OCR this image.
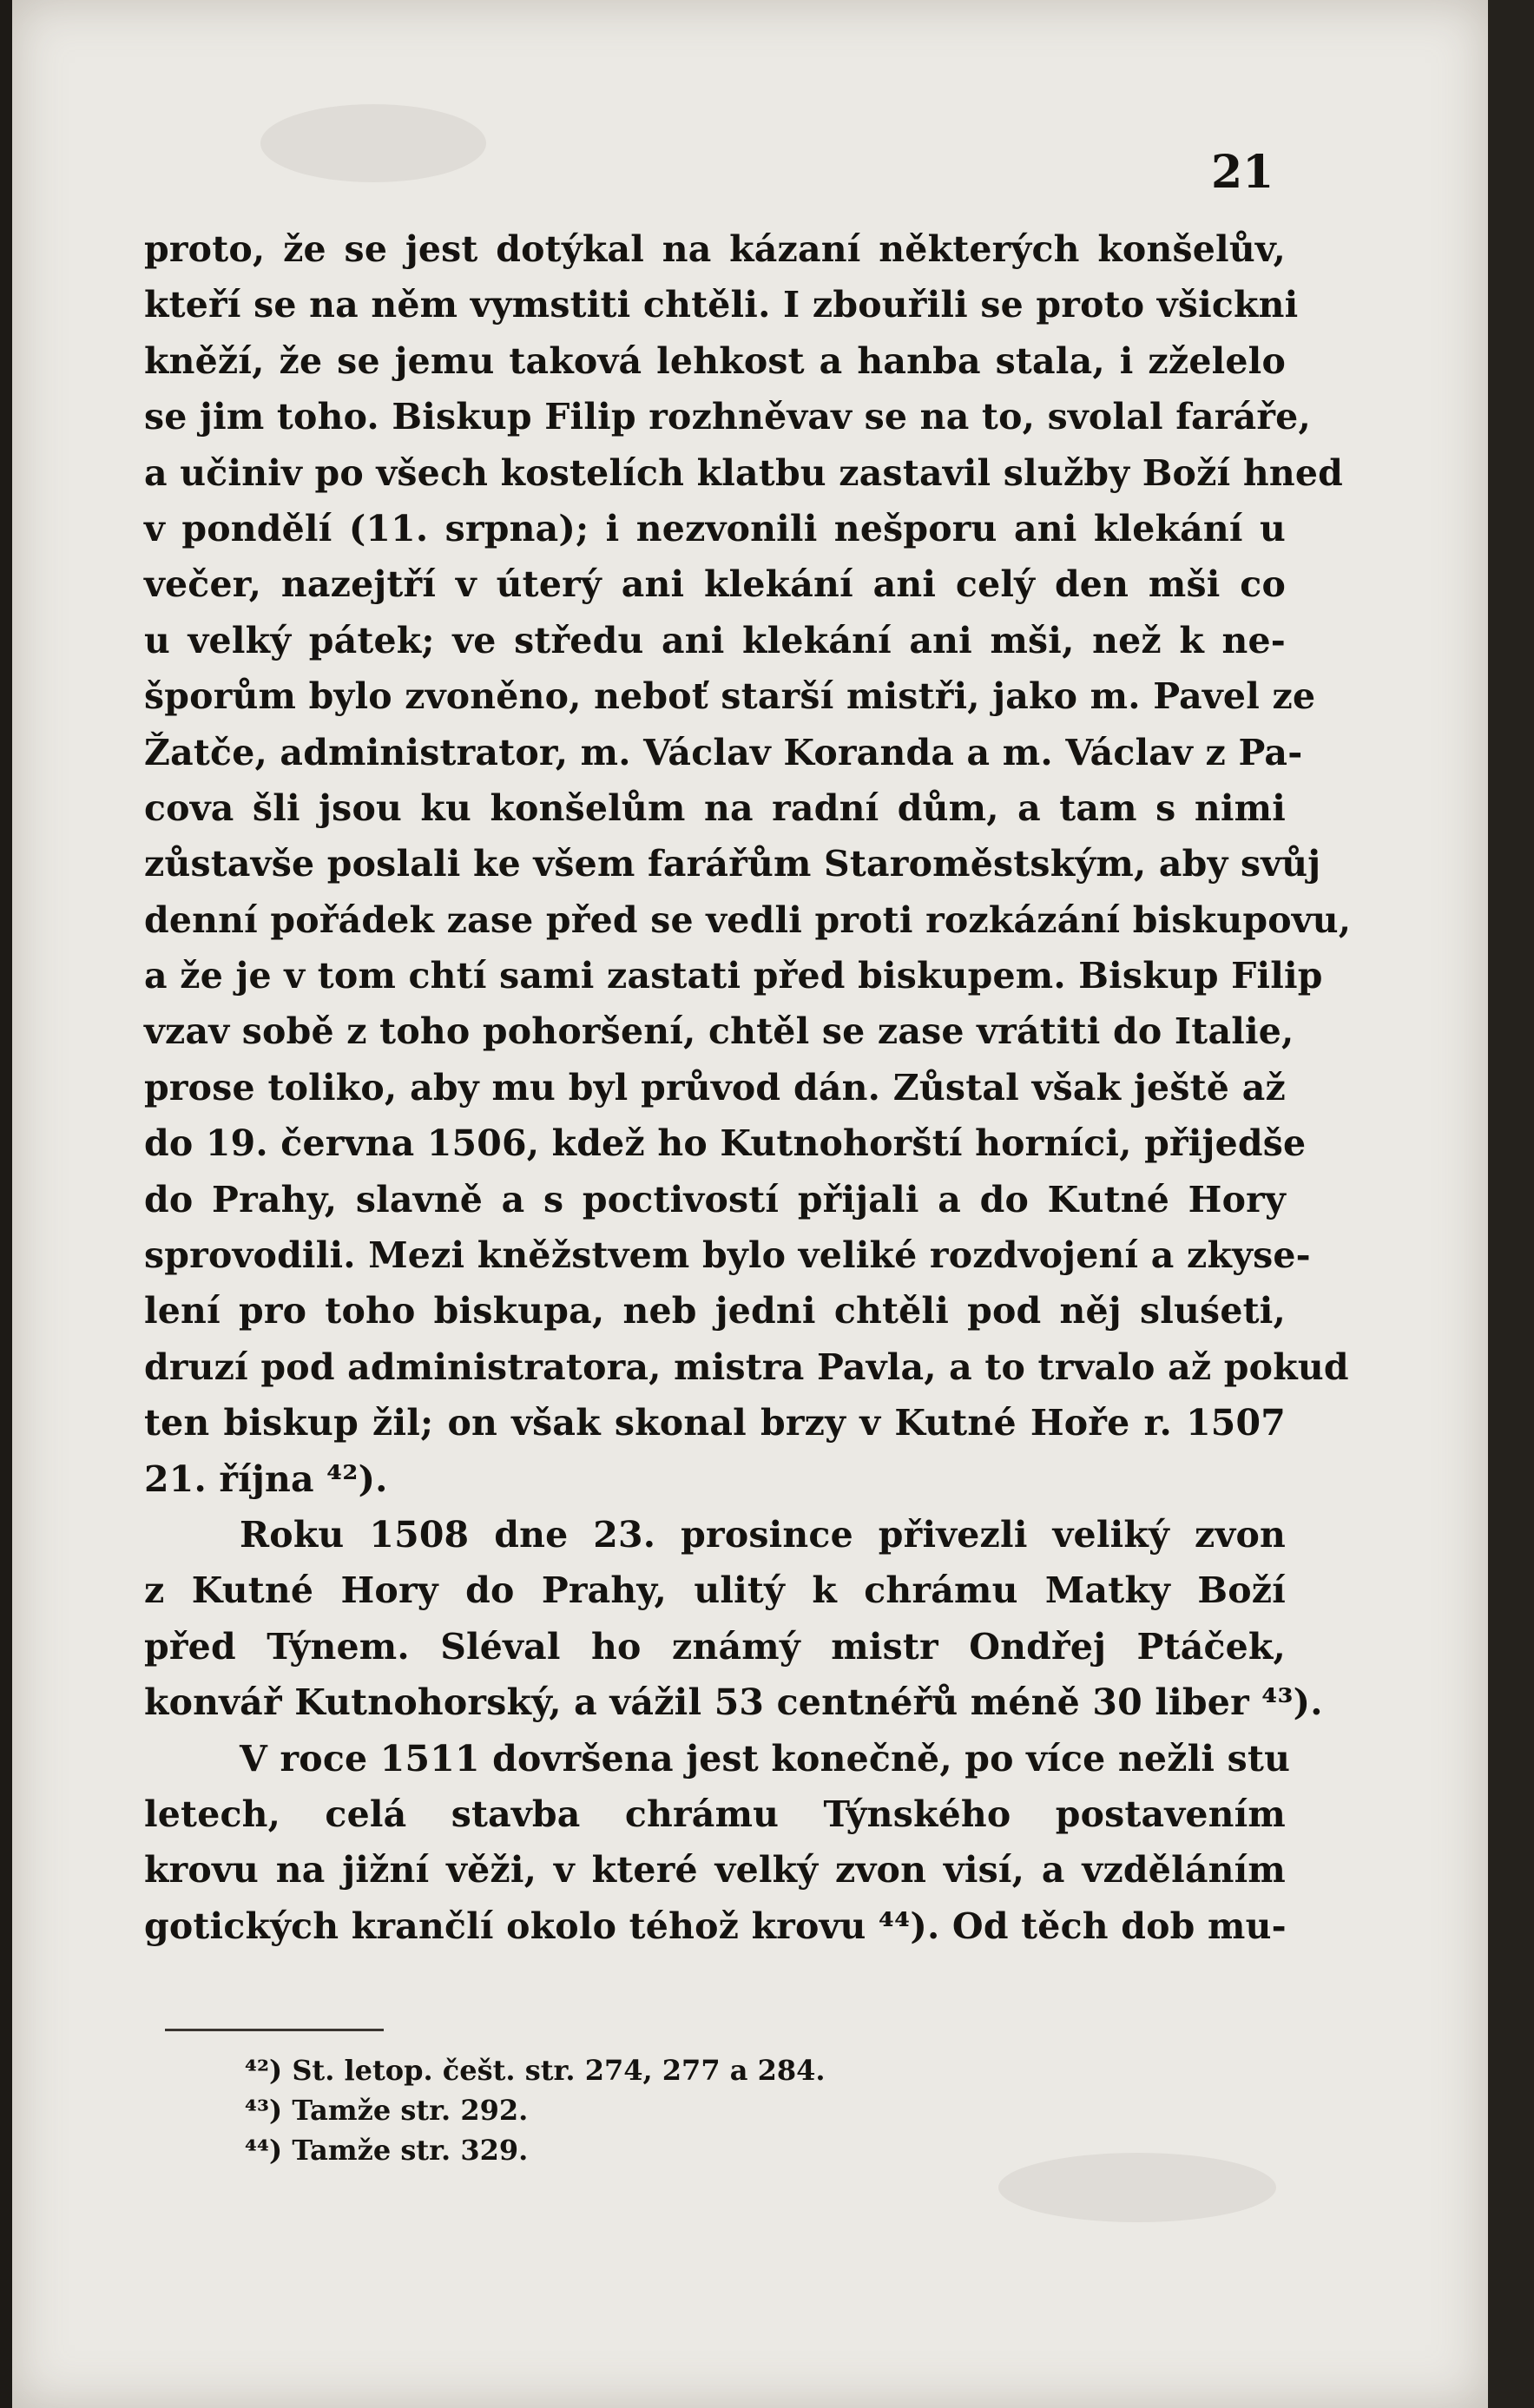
21
proto, že se jest dotýkal na kázaní některých konšelův,
kteří se na něm vymstiti chtěli. I zbouřili se proto všickni
kněží, že se jemu taková lehkost a hanba stala, i zželelo
se jim toho. Biskup Filip rozhněvav se na to, svolal faráře,
a učiniv po všech kostelích klatbu zastavil služby Boží hned
v pondělí (11. srpna); i nezvonili nešporu ani klekání u
večer, nazejtří v úterý ani klekání ani celý den mši co
u velký pátek; ve středu ani klekání ani mši, než k ne-
šporům bylo zvoněno, neboť starší mistři, jako m. Pavel ze
Žatče, administrator, m. Václav Koranda a m. Václav z Pa-
cova šli jsou ku konšelům na radní dům, a tam s nimi
zůstavše poslali ke všem farářům Staroměstským, aby svůj
denní pořádek zase před se vedli proti rozkázání biskupovu,
a že je v tom chtí sami zastati před biskupem. Biskup Filip
vzav sobě z toho pohoršení, chtěl se zase vrátiti do Italie,
prose toliko, aby mu byl průvod dán. Zůstal však ještě až
do 19. června 1506, kdež ho Kutnohorští horníci, přijedše
do Prahy, slavně a s poctivostí přijali a do Kutné Hory
sprovodili. Mezi kněžstvem bylo veliké rozdvojení a zkyse-
lení pro toho biskupa, neb jedni chtěli pod něj sluśeti,
druzí pod administratora, mistra Pavla, a to trvalo až pokud
ten biskup žil; on však skonal brzy v Kutné Hoře r. 1507
21. října ⁴²).
Roku 1508 dne 23. prosince přivezli veliký zvon
z Kutné Hory do Prahy, ulitý k chrámu Matky Boží
před Týnem. Sléval ho známý mistr Ondřej Ptáček,
konvář Kutnohorský, a vážil 53 centnéřů méně 30 liber ⁴³).
V roce 1511 dovršena jest konečně, po více nežli stu
letech, celá stavba chrámu Týnského postavením
krovu na jižní věži, v které velký zvon visí, a vzděláním
gotických krančlí okolo téhož krovu ⁴⁴). Od těch dob mu-
⁴²) St. letop. češt. str. 274, 277 a 284.
⁴³) Tamže str. 292.
⁴⁴) Tamže str. 329.
